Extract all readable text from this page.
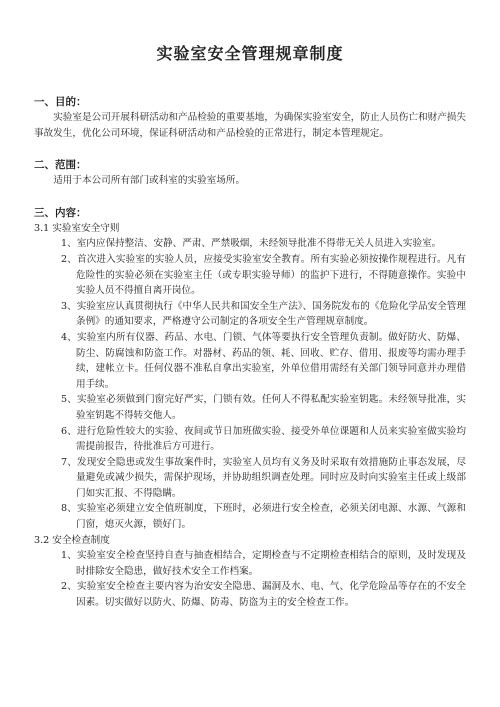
实验室安全管理规章制度
一、目的：

实验室是公司开展科研活动和产品检验的重要基地，为确保实验室安全，防止人员伤亡和财产损失事故发生，优化公司环境，保证科研活动和产品检验的正常进行，制定本管理规定。

二、范围：

适用于本公司所有部门或科室的实验室场所。

三、内容：
3.1 实验室安全守则
1、室内应保持整洁、安静、严肃、严禁吸烟，未经领导批准不得带无关人员进入实验室。
2、首次进入实验室的实验人员，应接受实验室安全教育。所有实验必须按操作规程进行。凡有危险性的实验必须在实验室主任（或专职实验导师）的监护下进行，不得随意操作。实验中实验人员不得擅自离开岗位。
3、实验室应认真贯彻执行《中华人民共和国安全生产法》、国务院发布的《危险化学品安全管理条例》的通知要求，严格遵守公司制定的各项安全生产管理规章制度。
4、实验室内所有仪器、药品、水电、门锁、气体等要执行安全管理负责制。做好防火、防爆、防尘、防腐蚀和防盗工作。对器材、药品的领、耗、回收、贮存、借用、报废等均需办理手续，建帐立卡。任何仪器不准私自拿出实验室，外单位借用需经有关部门领导同意并办理借用手续。
5、实验室必须做到门窗完好严实，门锁有效。任何人不得私配实验室钥匙。未经领导批准，实验室钥匙不得转交他人。
6、进行危险性较大的实验、夜间或节日加班做实验、接受外单位课题和人员来实验室做实验均需提前报告，待批准后方可进行。
7、发现安全隐患或发生事故案件时，实验室人员均有义务及时采取有效措施防止事态发展，尽量避免或减少损失，需保护现场，并协助组织调查处理。同时应及时向实验室主任或上级部门如实汇报、不得隐瞒。
8、实验室必须建立安全值班制度，下班时，必须进行安全检查，必须关闭电源、水源、气源和门窗，熄灭火源，锁好门。
3.2 安全检查制度
1、实验室安全检查坚持自查与抽查相结合，定期检查与不定期检查相结合的原则，及时发现及时排除安全隐患，做好技术安全工作档案。
2、实验室安全检查主要内容为治安安全隐患、漏洞及水、电、气、化学危险品等存在的不安全因素。切实做好以防火、防爆、防毒、防盗为主的安全检查工作。
